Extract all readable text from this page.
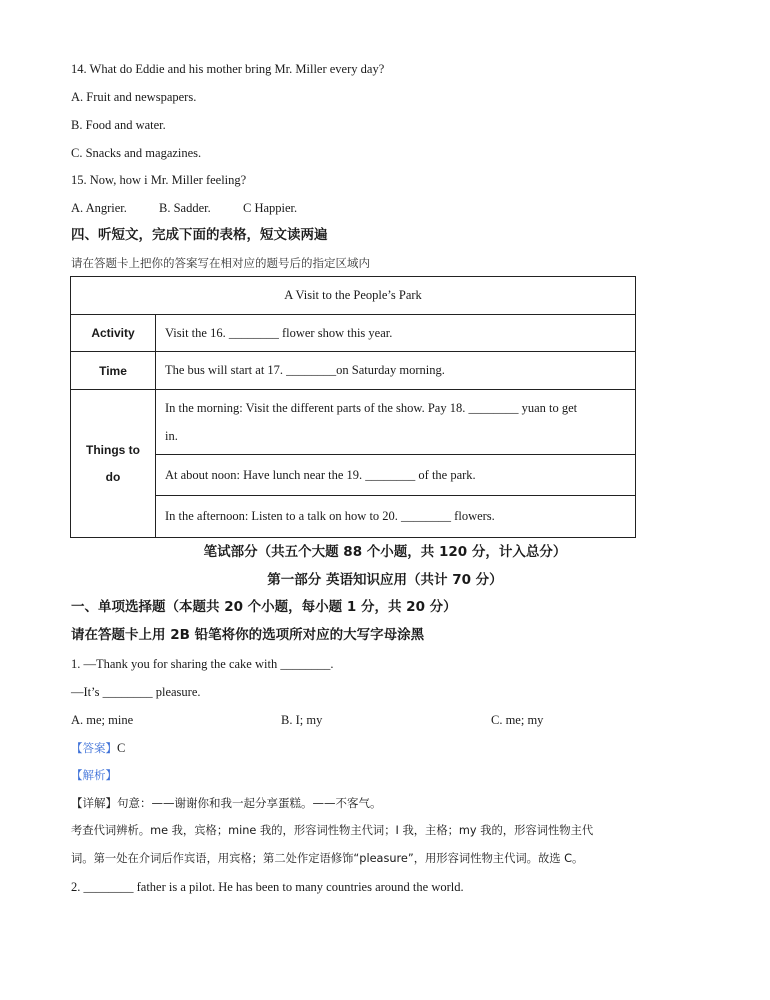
14. What do Eddie and his mother bring Mr. Miller every day?
A. Fruit and newspapers.
B. Food and water.
C. Snacks and magazines.
15. Now, how i Mr. Miller feeling?
A. Angrier.	B. Sadder.	C Happier.
四、听短文，完成下面的表格，短文读两遍
请在答题卡上把你的答案写在相对应的题号后的指定区域内
A Visit to the People’s Park	
Activity	Visit the 16. ________ flower show this year.
Time	The bus will start at 17. ________on Saturday morning.
Things to
do	In the morning: Visit the different parts of the show. Pay 18. ________ yuan to get
in.
	At about noon: Have lunch near the 19. ________ of the park.
	In the afternoon: Listen to a talk on how to 20. ________ flowers.
笔试部分（共五个大题 88 个小题，共 120 分，计入总分）
第一部分 英语知识应用（共计 70 分）
一、单项选择题（本题共 20 个小题，每小题 1 分，共 20 分）
请在答题卡上用 2B 铅笔将你的选项所对应的大写字母涂黑
1. —Thank you for sharing the cake with ________.
—It’s ________ pleasure.
A. me; mine	B. I; my	C. me; my
【答案】C
【解析】
【详解】句意：——谢谢你和我一起分享蛋糕。——不客气。
考查代词辨析。me 我，宾格；mine 我的，形容词性物主代词；I 我，主格；my 我的，形容词性物主代
词。第一处在介词后作宾语，用宾格；第二处作定语修饰“pleasure”，用形容词性物主代词。故选 C。
2. ________ father is a pilot. He has been to many countries around the world.
